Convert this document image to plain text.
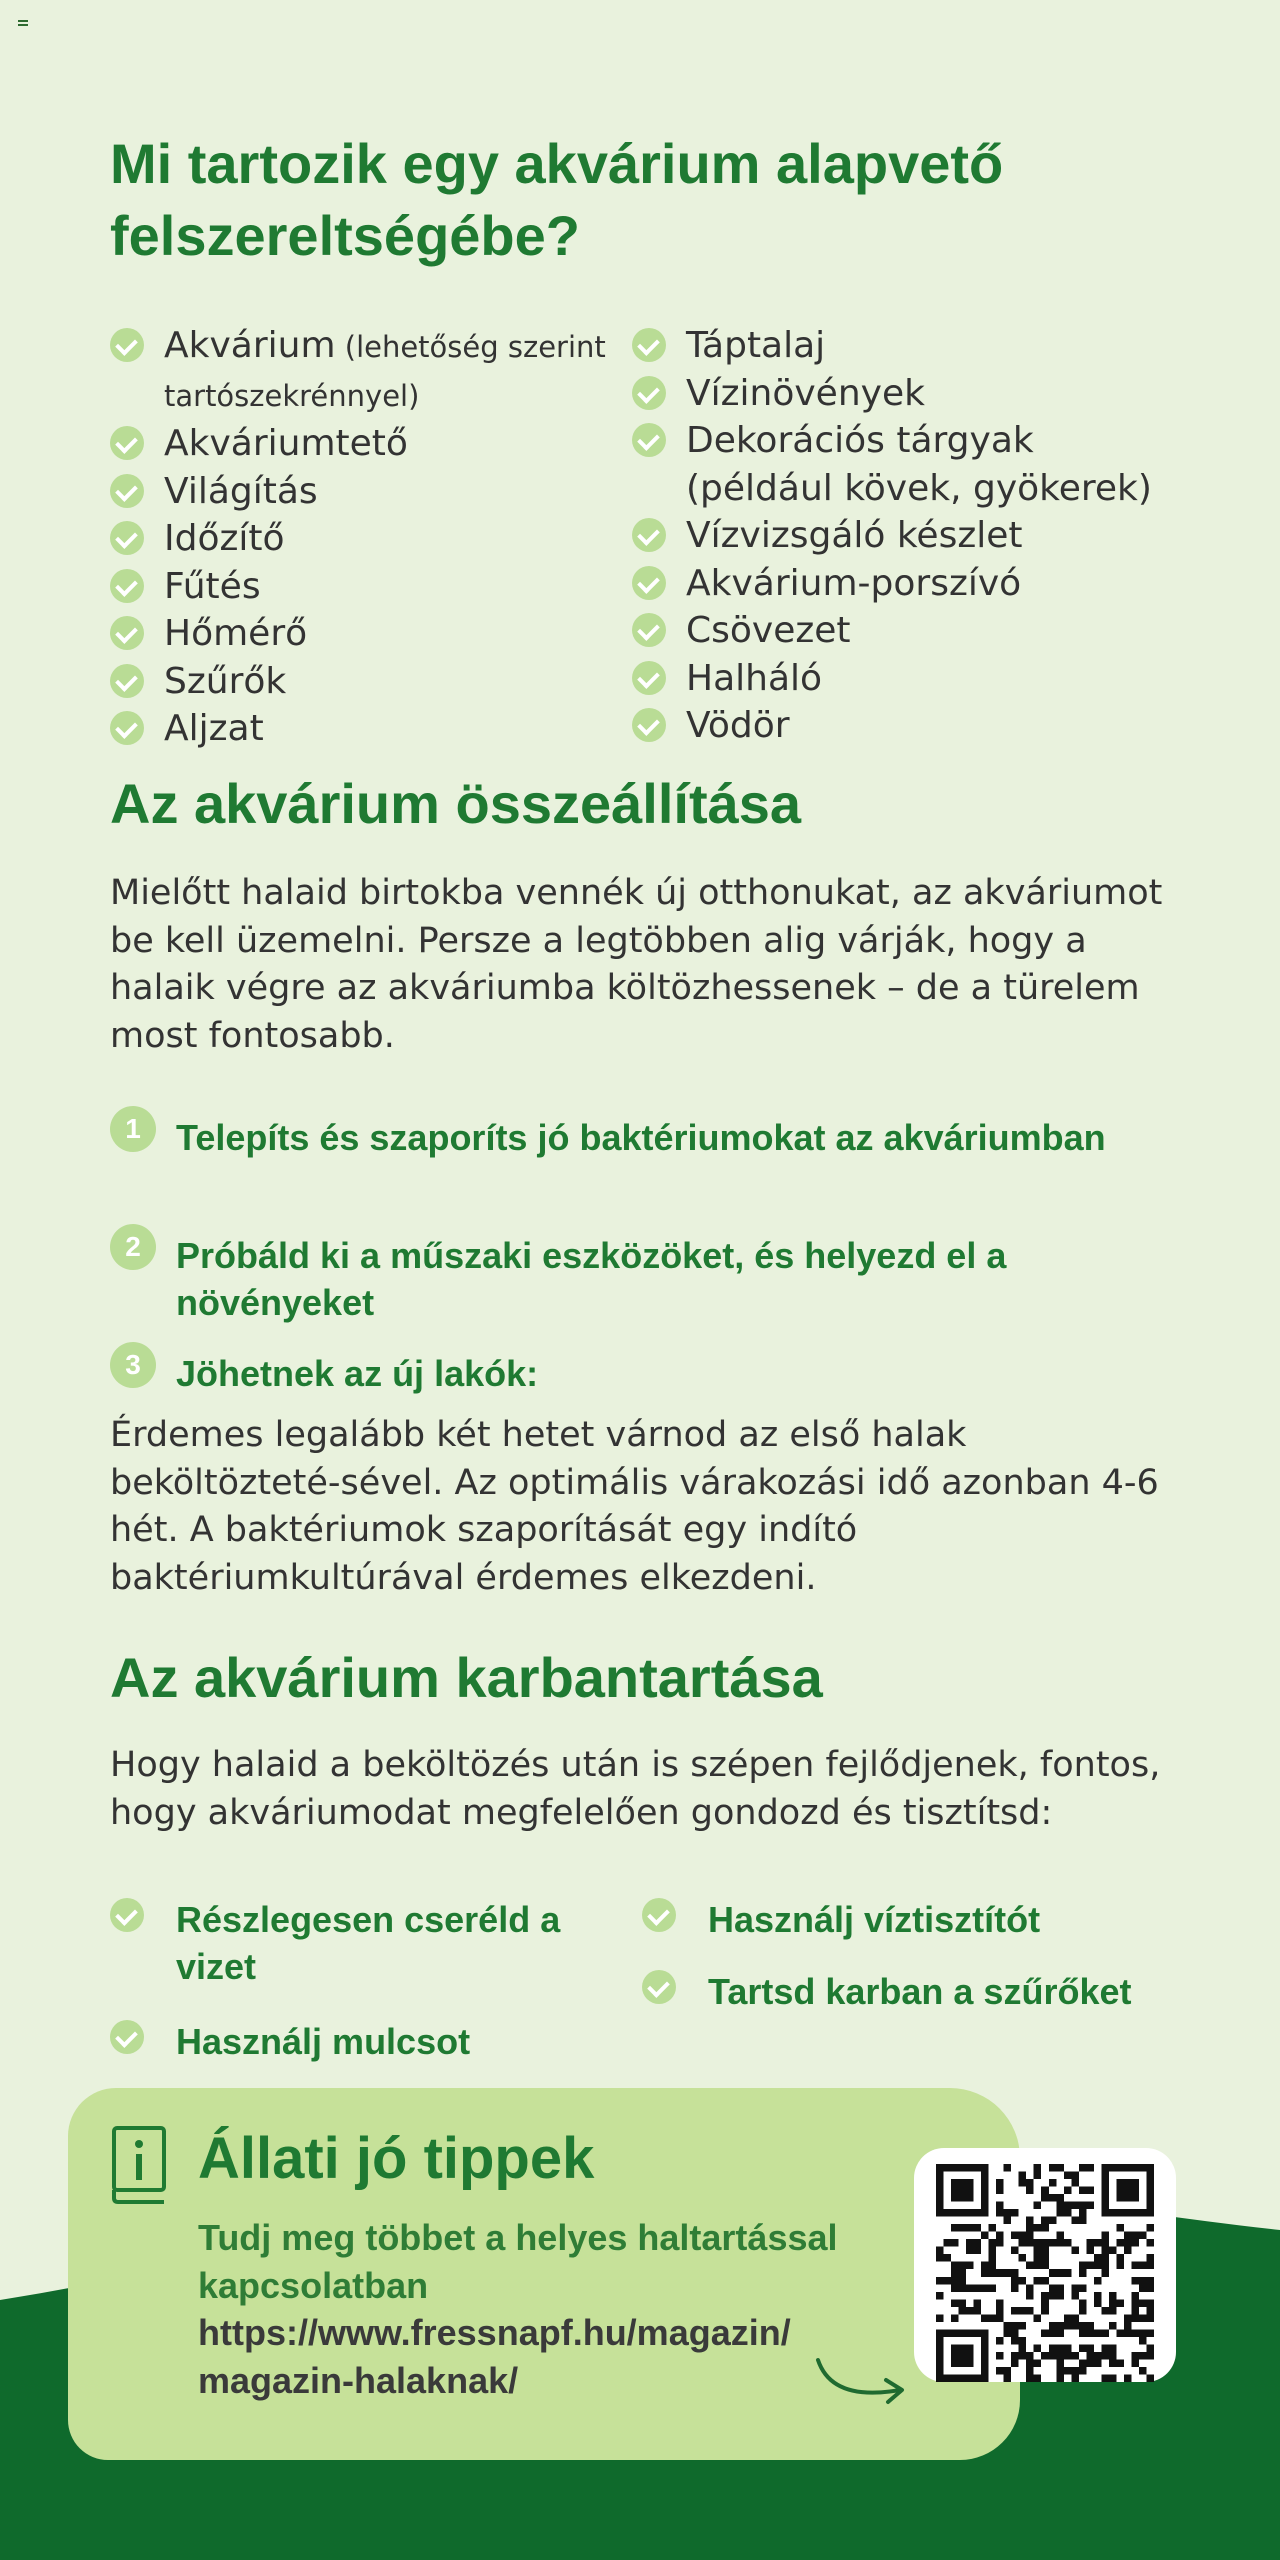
Mi tartozik egy akvárium alapvető felszereltségébe?
Akvárium (lehetőség szerint tartószekrénnyel)
Akváriumtető
Világítás
Időzítő
Fűtés
Hőmérő
Szűrők
Aljzat
Táptalaj
Vízinövények
Dekorációs tárgyak (például kövek, gyökerek)
Vízvizsgáló készlet
Akvárium-porszívó
Csövezet
Halháló
Vödör
Az akvárium összeállítása

Mielőtt halaid birtokba vennék új otthonukat, az akváriumot be kell üzemelni. Persze a legtöbben alig várják, hogy a halaik végre az akváriumba költözhessenek – de a türelem most fontosabb.

1 Telepíts és szaporíts jó baktériumokat az akváriumban
2 Próbáld ki a műszaki eszközöket, és helyezd el a növényeket
3 Jöhetnek az új lakók:

Érdemes legalább két hetet várnod az első halak beköltözteté-sével. Az optimális várakozási idő azonban 4-6 hét. A baktériumok szaporítását egy indító baktériumkultúrával érdemes elkezdeni.

Az akvárium karbantartása

Hogy halaid a beköltözés után is szépen fejlődjenek, fontos, hogy akváriumodat megfelelően gondozd és tisztítsd:

Részlegesen cseréld a vizet
Használj mulcsot
Használj víztisztítót
Tartsd karban a szűrőket
Állati jó tippek
Tudj meg többet a helyes haltartással kapcsolatban
https://www.fressnapf.hu/magazin/ magazin-halaknak/
